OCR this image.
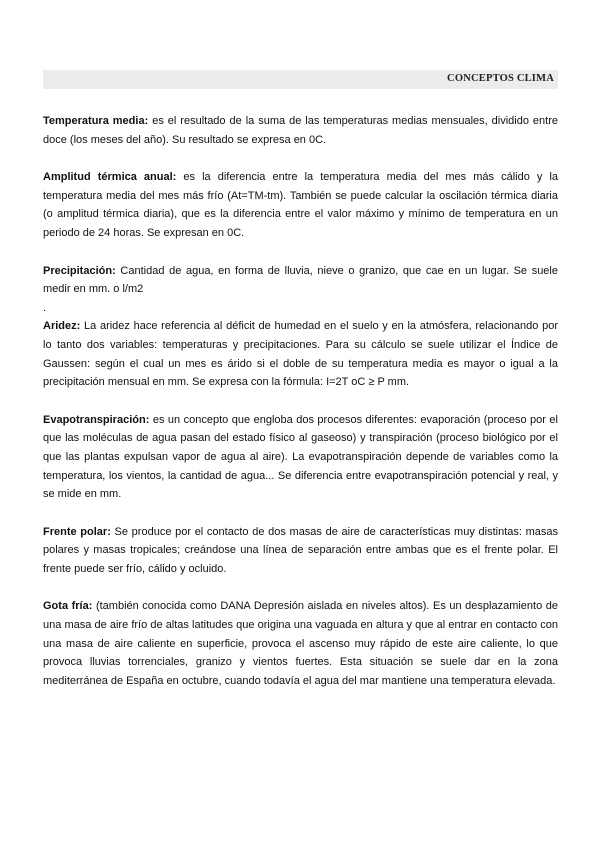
CONCEPTOS CLIMA

Temperatura media: es el resultado de la suma de las temperaturas medias mensuales, dividido entre doce (los meses del año). Su resultado se expresa en 0C.

Amplitud térmica anual: es la diferencia entre la temperatura media del mes más cálido y la temperatura media del mes más frío (At=TM-tm). También se puede calcular la oscilación térmica diaria (o amplitud térmica diaria), que es la diferencia entre el valor máximo y mínimo de temperatura en un periodo de 24 horas. Se expresan en 0C.

Precipitación: Cantidad de agua, en forma de lluvia, nieve o granizo, que cae en un lugar. Se suele medir en mm. o l/m2

.

Aridez: La aridez hace referencia al déficit de humedad en el suelo y en la atmósfera, relacionando por lo tanto dos variables: temperaturas y precipitaciones. Para su cálculo se suele utilizar el Índice de Gaussen: según el cual un mes es árido si el doble de su temperatura media es mayor o igual a la precipitación mensual en mm. Se expresa con la fórmula: I=2T oC ≥ P mm.

Evapotranspiración: es un concepto que engloba dos procesos diferentes: evaporación (proceso por el que las moléculas de agua pasan del estado físico al gaseoso) y transpiración (proceso biológico por el que las plantas expulsan vapor de agua al aire). La evapotranspiración depende de variables como la temperatura, los vientos, la cantidad de agua... Se diferencia entre evapotranspiración potencial y real, y se mide en mm.

Frente polar: Se produce por el contacto de dos masas de aire de características muy distintas: masas polares y masas tropicales; creándose una línea de separación entre ambas que es el frente polar. El frente puede ser frío, cálido y ocluido.

Gota fría: (también conocida como DANA Depresión aislada en niveles altos). Es un desplazamiento de una masa de aire frío de altas latitudes que origina una vaguada en altura y que al entrar en contacto con una masa de aire caliente en superficie, provoca el ascenso muy rápido de este aire caliente, lo que provoca lluvias torrenciales, granizo y vientos fuertes. Esta situación se suele dar en la zona mediterránea de España en octubre, cuando todavía el agua del mar mantiene una temperatura elevada.
